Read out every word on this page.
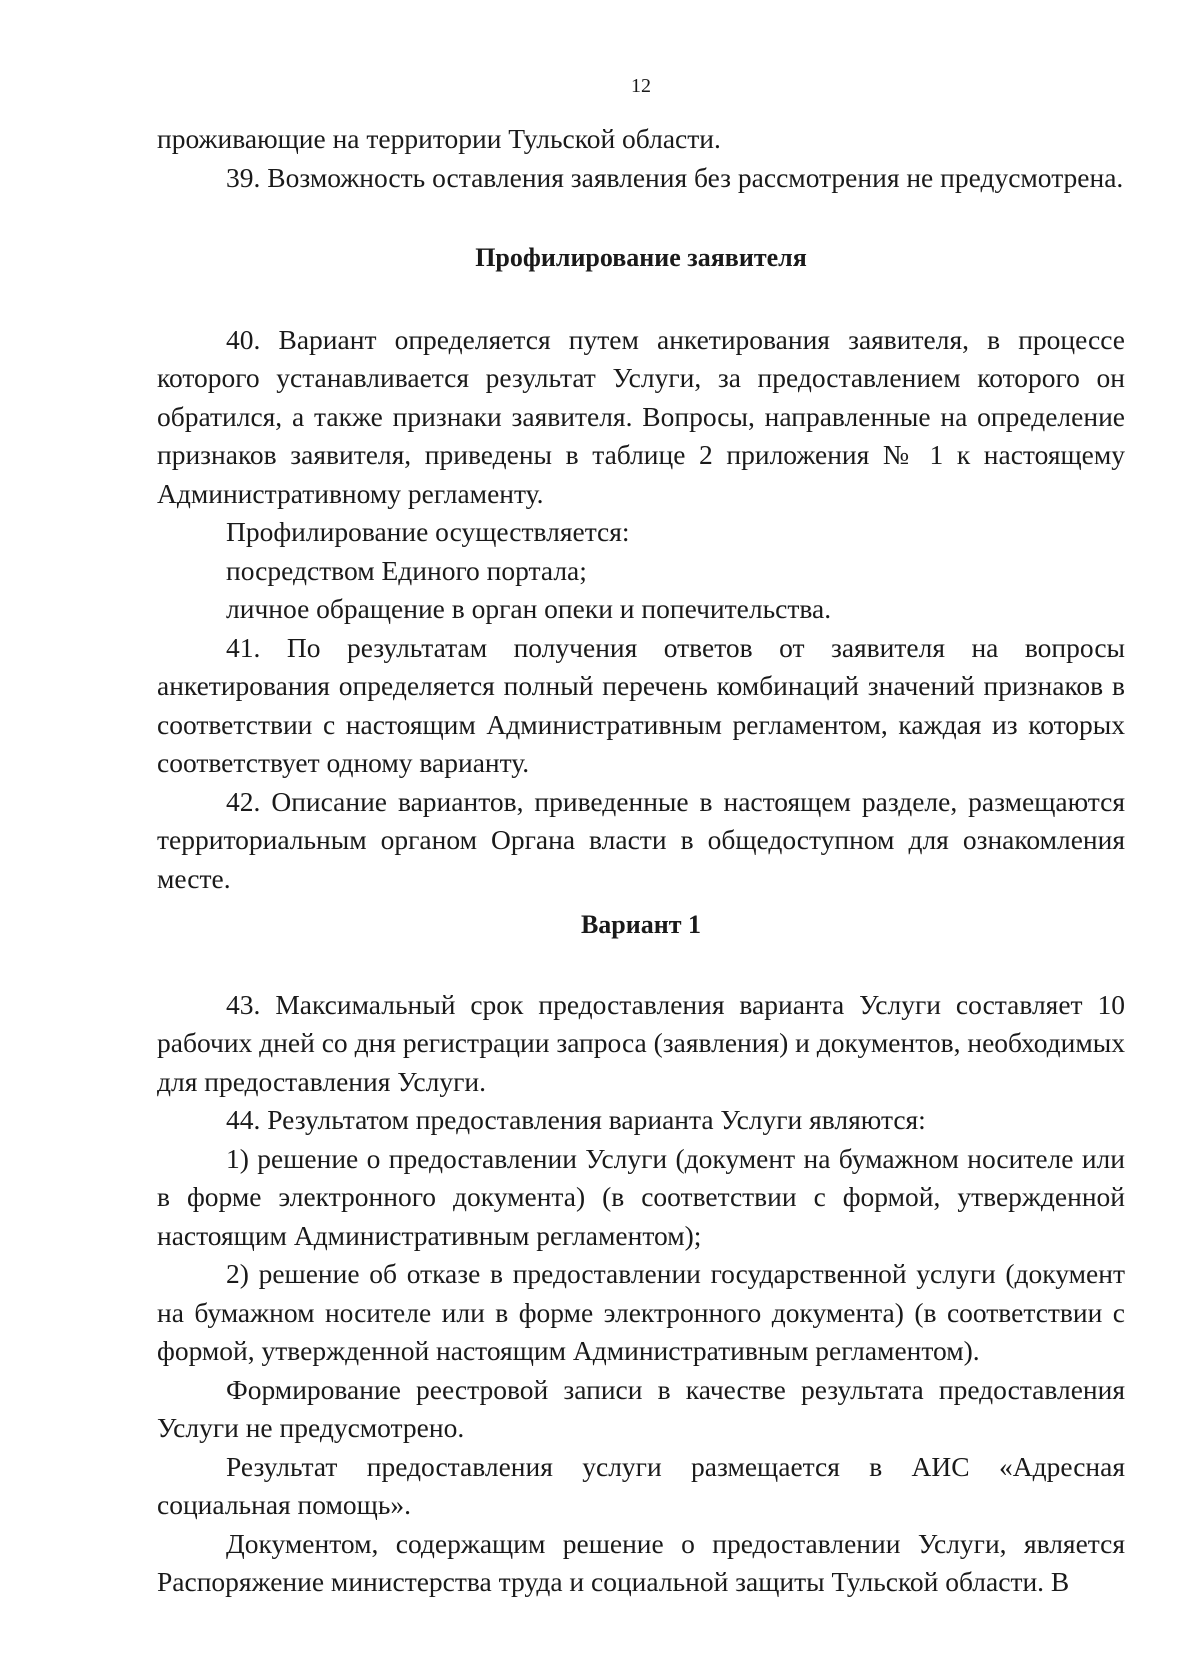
12

проживающие на территории Тульской области.

39. Возможность оставления заявления без рассмотрения не предусмотрена.

Профилирование заявителя

40. Вариант определяется путем анкетирования заявителя, в процессе которого устанавливается результат Услуги, за предоставлением которого он обратился, а также признаки заявителя. Вопросы, направленные на определение признаков заявителя, приведены в таблице 2 приложения № 1 к настоящему Административному регламенту.

Профилирование осуществляется:

посредством Единого портала;

личное обращение в орган опеки и попечительства.

41. По результатам получения ответов от заявителя на вопросы анкетирования определяется полный перечень комбинаций значений признаков в соответствии с настоящим Административным регламентом, каждая из которых соответствует одному варианту.

42. Описание вариантов, приведенные в настоящем разделе, размещаются территориальным органом Органа власти в общедоступном для ознакомления месте.

Вариант 1

43. Максимальный срок предоставления варианта Услуги составляет 10 рабочих дней со дня регистрации запроса (заявления) и документов, необходимых для предоставления Услуги.

44. Результатом предоставления варианта Услуги являются:

1) решение о предоставлении Услуги (документ на бумажном носителе или в форме электронного документа) (в соответствии с формой, утвержденной настоящим Административным регламентом);

2) решение об отказе в предоставлении государственной услуги (документ на бумажном носителе или в форме электронного документа) (в соответствии с формой, утвержденной настоящим Административным регламентом).

Формирование реестровой записи в качестве результата предоставления Услуги не предусмотрено.

Результат предоставления услуги размещается в АИС «Адресная социальная помощь».

Документом, содержащим решение о предоставлении Услуги, является Распоряжение министерства труда и социальной защиты Тульской области. В
